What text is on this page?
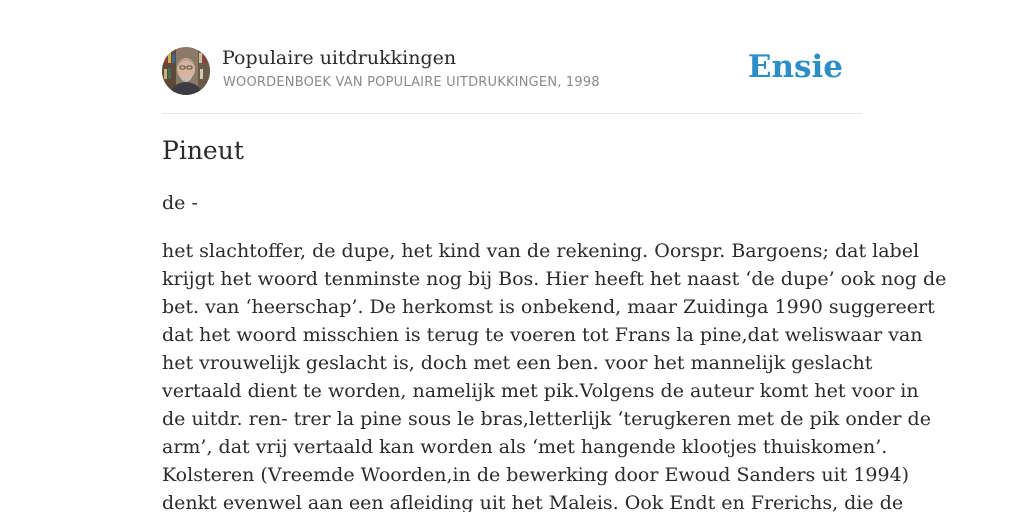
Populaire uitdrukkingen
WOORDENBOEK VAN POPULAIRE UITDRUKKINGEN, 1998	Ensie
Pineut
de -
het slachtoffer, de dupe, het kind van de rekening. Oorspr. Bargoens; dat label
krijgt het woord tenminste nog bij Bos. Hier heeft het naast ‘de dupe’ ook nog de
bet. van ‘heerschap’. De herkomst is onbekend, maar Zuidinga 1990 suggereert
dat het woord misschien is terug te voeren tot Frans la pine,dat weliswaar van
het vrouwelijk geslacht is, doch met een ben. voor het mannelijk geslacht
vertaald dient te worden, namelijk met pik.Volgens de auteur komt het voor in
de uitdr. ren- trer la pine sous le bras,letterlijk ‘terugkeren met de pik onder de
arm’, dat vrij vertaald kan worden als ‘met hangende klootjes thuiskomen’.
Kolsteren (Vreemde Woorden,in de bewerking door Ewoud Sanders uit 1994)
denkt evenwel aan een afleiding uit het Maleis. Ook Endt en Frerichs, die de
